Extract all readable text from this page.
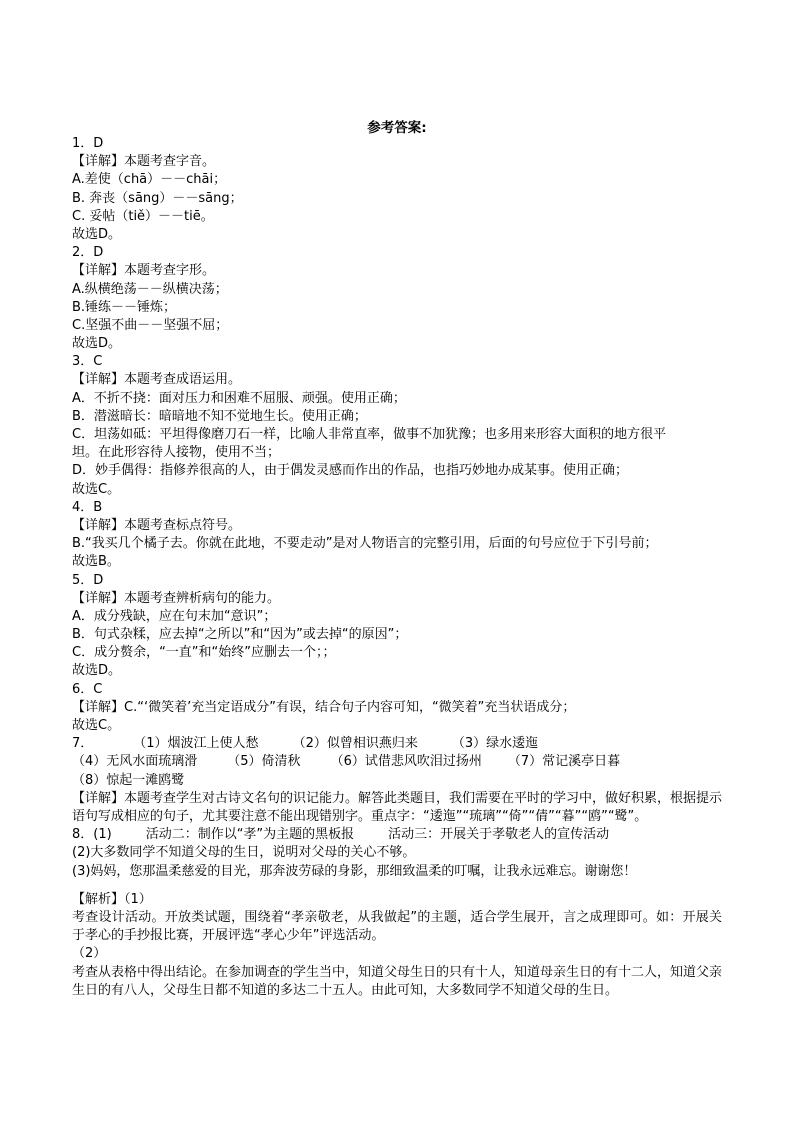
参考答案:
1．D
【详解】本题考查字音。
A.差使（chā）－－chāi；
B. 奔丧（sāng）－－sāng；
C. 妥帖（tiě）－－tiē。
故选D。
2．D
【详解】本题考查字形。
A.纵横绝荡－－纵横决荡；
B.锤练－－锤炼；
C.坚强不曲－－坚强不屈；
故选D。
3．C
【详解】本题考查成语运用。
A．不折不挠：面对压力和困难不屈服、顽强。使用正确；
B．潜滋暗长：暗暗地不知不觉地生长。使用正确；
C．坦荡如砥：平坦得像磨刀石一样，比喻人非常直率，做事不加犹豫；也多用来形容大面积的地方很平
坦。在此形容待人接物，使用不当；
D．妙手偶得：指修养很高的人，由于偶发灵感而作出的作品，也指巧妙地办成某事。使用正确；
故选C。
4．B
【详解】本题考查标点符号。
B.“我买几个橘子去。你就在此地，不要走动”是对人物语言的完整引用，后面的句号应位于下引号前；
故选B。
5．D
【详解】本题考查辨析病句的能力。
A．成分残缺，应在句末加“意识”；
B．句式杂糅，应去掉“之所以”和“因为”或去掉“的原因”；
C．成分赘余，“一直”和“始终”应删去一个；；
故选D。
6．C
【详解】C.“‘微笑着’充当定语成分”有误，结合句子内容可知，“微笑着”充当状语成分；
故选C。
7．	（1）烟波江上使人愁	（2）似曾相识燕归来	（3）绿水逶迤
（4）无风水面琉璃滑 （5）倚清秋 （6）试借悲风吹泪过扬州 （7）常记溪亭日暮
（8）惊起一滩鸥鹭
【详解】本题考查学生对古诗文名句的识记能力。解答此类题目，我们需要在平时的学习中，做好积累，根据提示语句写成相应的句子，尤其要注意不能出现错别字。重点字：“逶迤”“琉璃”“倚”“倩”“暮”“鸥”“鹭”。
8．(1)	活动二：制作以“孝”为主题的黑板报	活动三：开展关于孝敬老人的宣传活动
(2)大多数同学不知道父母的生日，说明对父母的关心不够。
(3)妈妈，您那温柔慈爱的目光，那奔波劳碌的身影，那细致温柔的叮嘱，让我永远难忘。谢谢您！
【解析】（1）
考查设计活动。开放类试题，围绕着“孝亲敬老，从我做起”的主题，适合学生展开，言之成理即可。如：开展关于孝心的手抄报比赛，开展评选“孝心少年”评选活动。
（2）
考查从表格中得出结论。在参加调查的学生当中，知道父母生日的只有十人，知道母亲生日的有十二人，知道父亲生日的有八人，父母生日都不知道的多达二十五人。由此可知，大多数同学不知道父母的生日。
